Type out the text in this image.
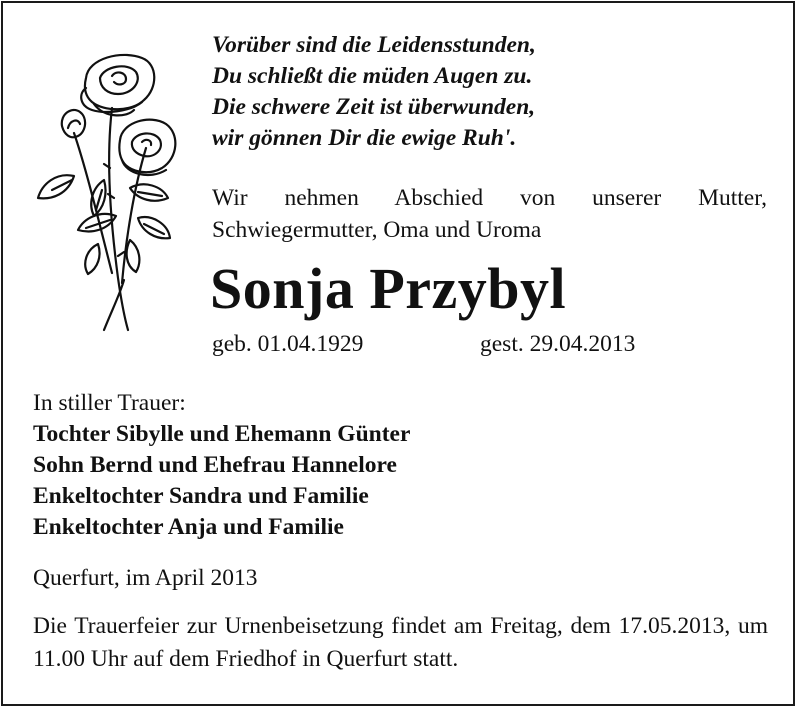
Vorüber sind die Leidensstunden,
Du schließt die müden Augen zu.
Die schwere Zeit ist überwunden,
wir gönnen Dir die ewige Ruh'.
Wir nehmen Abschied von unserer Mutter, Schwiegermutter, Oma und Uroma
Sonja Przybyl
geb. 01.04.1929	gest. 29.04.2013
In stiller Trauer:
Tochter Sibylle und Ehemann Günter
Sohn Bernd und Ehefrau Hannelore
Enkeltochter Sandra und Familie
Enkeltochter Anja und Familie
Querfurt, im April 2013
Die Trauerfeier zur Urnenbeisetzung findet am Freitag, dem 17.05.2013, um 11.00 Uhr auf dem Friedhof in Querfurt statt.
